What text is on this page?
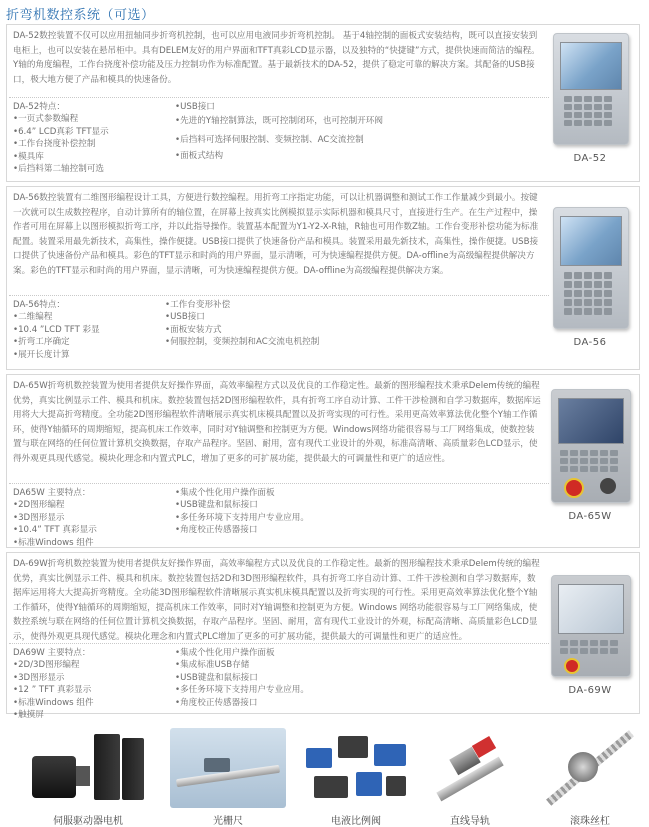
折弯机数控系统（可选）
DA-52数控装置不仅可以应用扭轴同步折弯机控制，也可以应用电液同步折弯机控制。 基于4轴控制的面板式安装结构，既可以直接安装到电柜上，也可以安装在悬吊柜中。具有DELEM友好的用户界面和TFT真彩LCD显示器，以及独特的“快捷键”方式，提供快速而简洁的编程。Y轴的角度编程，工作台挠度补偿功能及压力控制功作为标准配置。基于最新技术的DA-52，提供了稳定可靠的解决方案。其配备的USB接口，极大地方便了产品和模具的快速备份。
DA-52特点：
•一页式参数编程
•6.4” LCD真彩 TFT显示
•工作台挠度补偿控制
•模具库
•后挡料第二轴控制可选
•USB接口
•先进的Y轴控制算法，既可控制闭环，也可控制开环阀
•后挡料可选择伺服控制、变频控制、AC交流控制
•面板式结构	DA-52
DA-56数控装置有二维图形编程设计工具，方便进行数控编程。用折弯工序指定功能，可以让机器调整和测试工作工作量减少到最小。按键一次就可以生成数控程序，自动计算所有的轴位置，在屏幕上按真实比例模拟显示实际机器和模具尺寸，直接进行生产。在生产过程中，操作者可用在屏幕上以图形模拟折弯工序，并以此指导操作。装置基本配置为Y1-Y2-X-R轴，R轴也可用作数Z轴。工作台变形补偿功能为标准配置。装置采用最先新技术，高集性，操作便捷。USB接口提供了快速备份产品和模具。装置采用最先新技术，高集性，操作便捷。USB接口提供了快速备份产品和模具。彩色的TFT显示和时尚的用户界面，显示清晰，可为快速编程提供方便。DA-offline为高级编程提供解决方案。彩色的TFT显示和时尚的用户界面，显示清晰，可为快速编程提供方便。DA-offline为高级编程提供解决方案。
DA-56特点：
•二维编程
•10.4 ”LCD TFT 彩显
•折弯工序确定
•展开长度计算
•工作台变形补偿
•USB接口
•面板安装方式
•伺服控制，变频控制和AC交流电机控制	DA-56
DA-65W折弯机数控装置为使用者提供友好操作界面，高效率编程方式以及优良的工作稳定性。最新的图形编程技术秉承Delem传统的编程优势，真实比例显示工件、模具和机床。数控装置包括2D图形编程软件，具有折弯工序自动计算、工件干涉检测和自学习数据库，数据库运用将大大提高折弯精度。全功能2D图形编程软件清晰展示真实机床模具配置以及折弯实现的可行性。采用更高效率算法优化整个Y轴工作循环，使得Y轴循环的周期缩短，提高机床工作效率，同时对Y轴调整和控制更为方便。Windows网络功能很容易与工厂网络集成，使数控装置与联在网络的任何位置计算机交换数据，存取产品程序。坚固、耐用，富有现代工业设计的外观，标准高清晰、高质量彩色LCD显示，使得外观更具现代感觉。模块化理念和内置式PLC，增加了更多的可扩展功能，提供最大的可调量性和更广的适应性。
DA65W 主要特点：
•2D图形编程
•3D图形显示
•10.4” TFT 真彩显示
•标准Windows 组件
•集成个性化用户操作面板
•USB键盘和鼠标接口
•多任务环境下支持用户专业应用。
•角度校正传感器接口
DA-65W
DA-69W折弯机数控装置为使用者提供友好操作界面，高效率编程方式以及优良的工作稳定性。最新的图形编程技术秉承Delem传统的编程优势，真实比例显示工件、模具和机床。数控装置包括2D和3D图形编程软件，具有折弯工序自动计算、工件干涉检测和自学习数据库，数据库运用将大大提高折弯精度。全功能3D图形编程软件清晰展示真实机床模具配置以及折弯实现的可行性。采用更高效率算法优化整个Y轴工作循环，使得Y轴循环的周期缩短，提高机床工作效率，同时对Y轴调整和控制更为方便。Windows 网络功能很容易与工厂网络集成，使数控系统与联在网络的任何位置计算机交换数据，存取产品程序。坚固、耐用，富有现代工业设计的外观，标配高清晰、高质量彩色LCD显示，使得外观更具现代感觉。模块化理念和内置式PLC增加了更多的可扩展功能，提供最大的可调量性和更广的适应性。
DA69W 主要特点：
•2D/3D图形编程
•3D图形显示
•12 ” TFT 真彩显示
•标准Windows 组件
•触摸屏
•集成个性化用户操作面板
•集成标准USB存储
•USB键盘和鼠标接口
•多任务环境下支持用户专业应用。
•角度校正传感器接口
DA-69W
伺服驱动器电机	光栅尺	电液比例阀	直线导轨	滚珠丝杠
